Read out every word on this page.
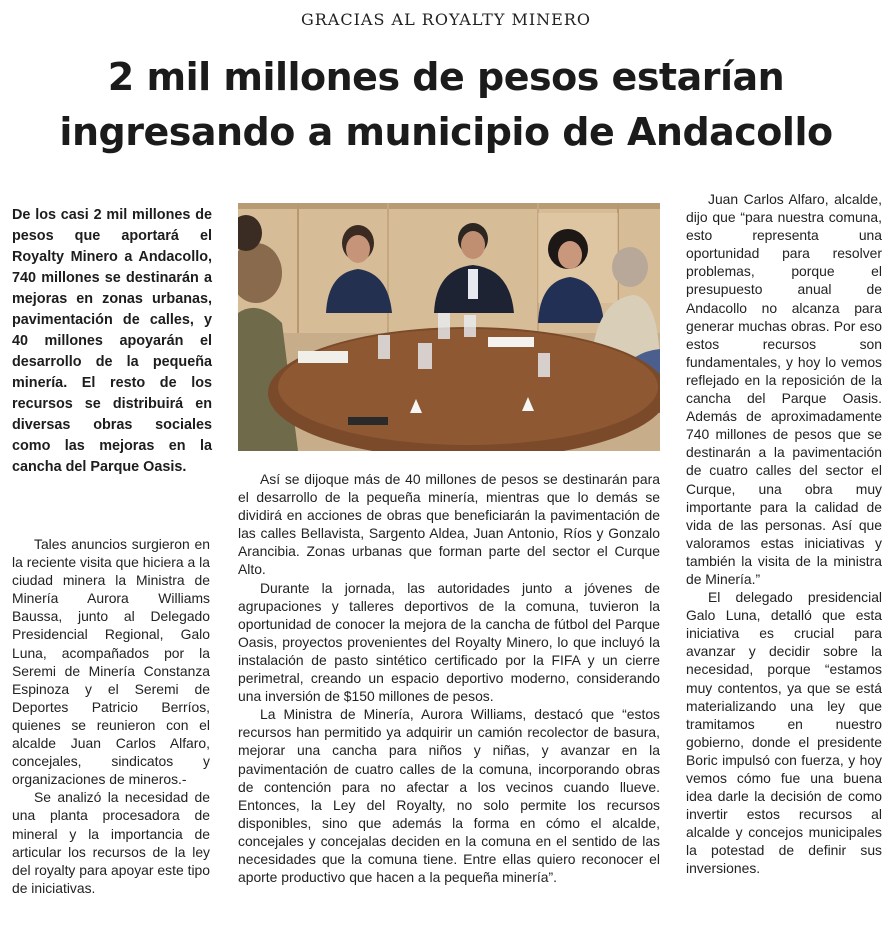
GRACIAS AL ROYALTY MINERO
2 mil millones de pesos estarían
ingresando a municipio de Andacollo
De los casi 2 mil millones de pesos que aportará el Royalty Minero a Andacollo, 740 millones se destinarán a mejoras en zonas urbanas, pavimentación de calles, y 40 millones apoyarán el desarrollo de la pequeña minería. El resto de los recursos se distribuirá en diversas obras sociales como las mejoras en la cancha del Parque Oasis.

Tales anuncios surgieron en la reciente visita que hiciera a la ciudad minera la Ministra de Minería Aurora Williams Baussa, junto al Delegado Presidencial Regional, Galo Luna, acompañados por la Seremi de Minería Constanza Espinoza y el Seremi de Deportes Patricio Berríos, quienes se reunieron con el alcalde Juan Carlos Alfaro, concejales, sindicatos y organizaciones de mineros.-

Se analizó la necesidad de una planta procesadora de mineral y la importancia de articular los recursos de la ley del royalty para apoyar este tipo de iniciativas.

Así se dijoque más de 40 millones de pesos se destinarán para el desarrollo de la pequeña minería, mientras que lo demás se dividirá en acciones de obras que beneficiarán la pavimentación de las calles Bellavista, Sargento Aldea, Juan Antonio, Ríos y Gonzalo Arancibia. Zonas urbanas que forman parte del sector el Curque Alto.

Durante la jornada, las autoridades junto a jóvenes de agrupaciones y talleres deportivos de la comuna, tuvieron la oportunidad de conocer la mejora de la cancha de fútbol del Parque Oasis, proyectos provenientes del Royalty Minero, lo que incluyó la instalación de pasto sintético certificado por la FIFA y un cierre perimetral, creando un espacio deportivo moderno, considerando una inversión de $150 millones de pesos.

La Ministra de Minería, Aurora Williams, destacó que “estos recursos han permitido ya adquirir un camión recolector de basura, mejorar una cancha para niños y niñas, y avanzar en la pavimentación de cuatro calles de la comuna, incorporando obras de contención para no afectar a los vecinos cuando llueve. Entonces, la Ley del Royalty, no solo permite los recursos disponibles, sino que además la forma en cómo el alcalde, concejales y concejalas deciden en la comuna en el sentido de las necesidades que la comuna tiene. Entre ellas quiero reconocer el aporte productivo que hacen a la pequeña minería”.

Juan Carlos Alfaro, alcalde, dijo que “para nuestra comuna, esto representa una oportunidad para resolver problemas, porque el presupuesto anual de Andacollo no alcanza para generar muchas obras. Por eso estos recursos son fundamentales, y hoy lo vemos reflejado en la reposición de la cancha del Parque Oasis. Además de aproximadamente 740 millones de pesos que se destinarán a la pavimentación de cuatro calles del sector el Curque, una obra muy importante para la calidad de vida de las personas. Así que valoramos estas iniciativas y también la visita de la ministra de Minería.”

El delegado presidencial Galo Luna, detalló que esta iniciativa es crucial para avanzar y decidir sobre la necesidad, porque “estamos muy contentos, ya que se está materializando una ley que tramitamos en nuestro gobierno, donde el presidente Boric impulsó con fuerza, y hoy vemos cómo fue una buena idea darle la decisión de como invertir estos recursos al alcalde y concejos municipales la potestad de definir sus inversiones.
